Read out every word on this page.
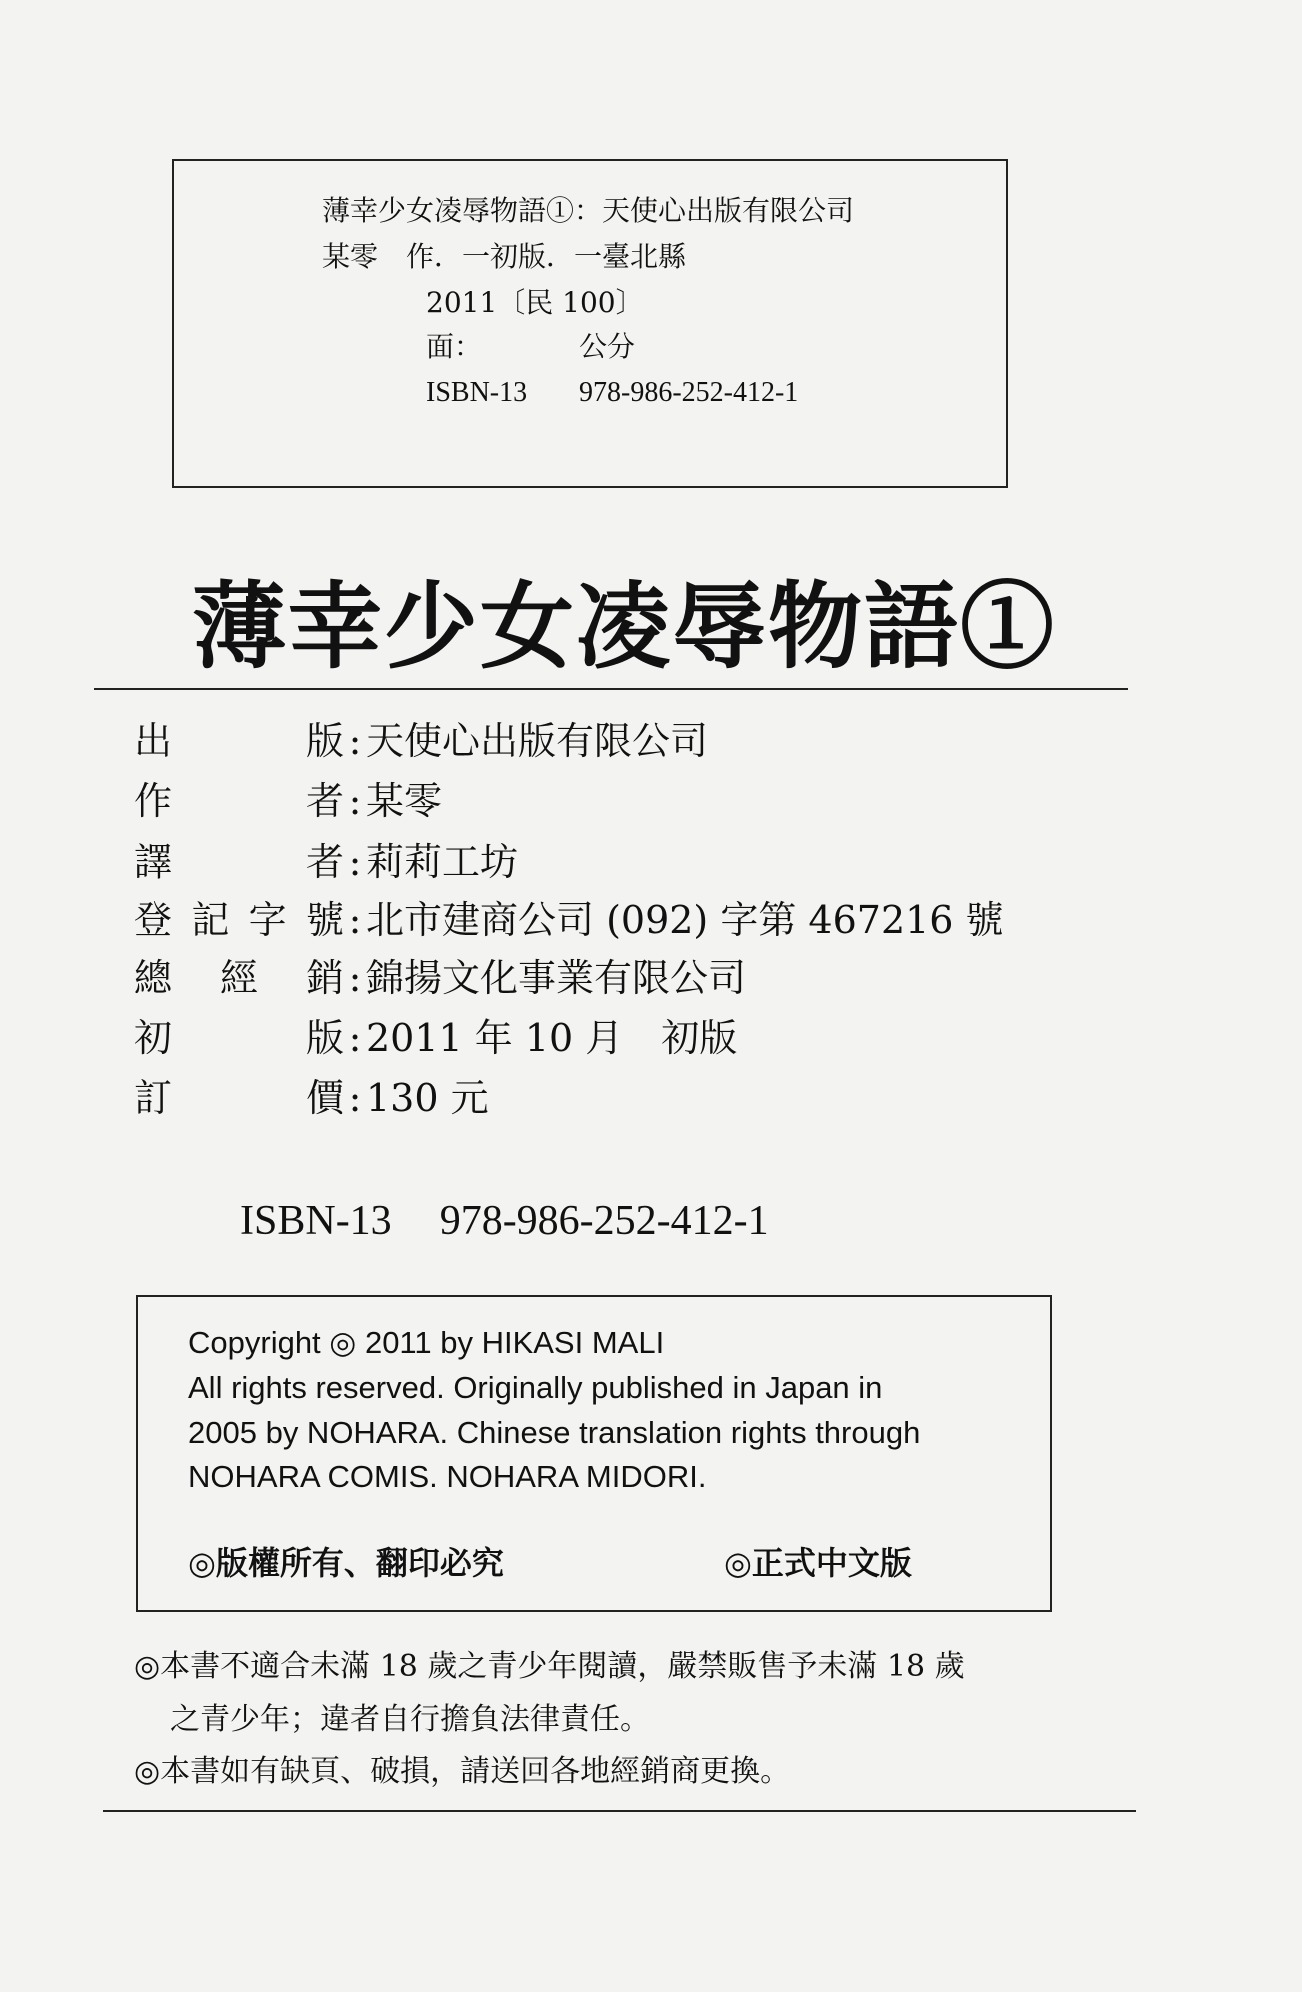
薄幸少女凌辱物語①：天使心出版有限公司
某零　作．一初版．一臺北縣
2011〔民 100〕
面：	公分
ISBN-13 978-986-252-412-1
薄幸少女凌辱物語①
出版 : 天使心出版有限公司
作者 : 某零
譯者 : 莉莉工坊
登記字號 : 北市建商公司 (092) 字第 467216 號
總經銷 : 錦揚文化事業有限公司
初版 : 2011 年 10 月　初版
訂價 : 130 元
ISBN-13 978-986-252-412-1
Copyright ◎ 2011 by HIKASI MALI
All rights reserved. Originally published in Japan in
2005 by NOHARA. Chinese translation rights through
NOHARA COMIS. NOHARA MIDORI.
◎版權所有、翻印必究	◎正式中文版
◎本書不適合未滿 18 歲之青少年閱讀，嚴禁販售予未滿 18 歲
之青少年；違者自行擔負法律責任。
◎本書如有缺頁、破損，請送回各地經銷商更換。
